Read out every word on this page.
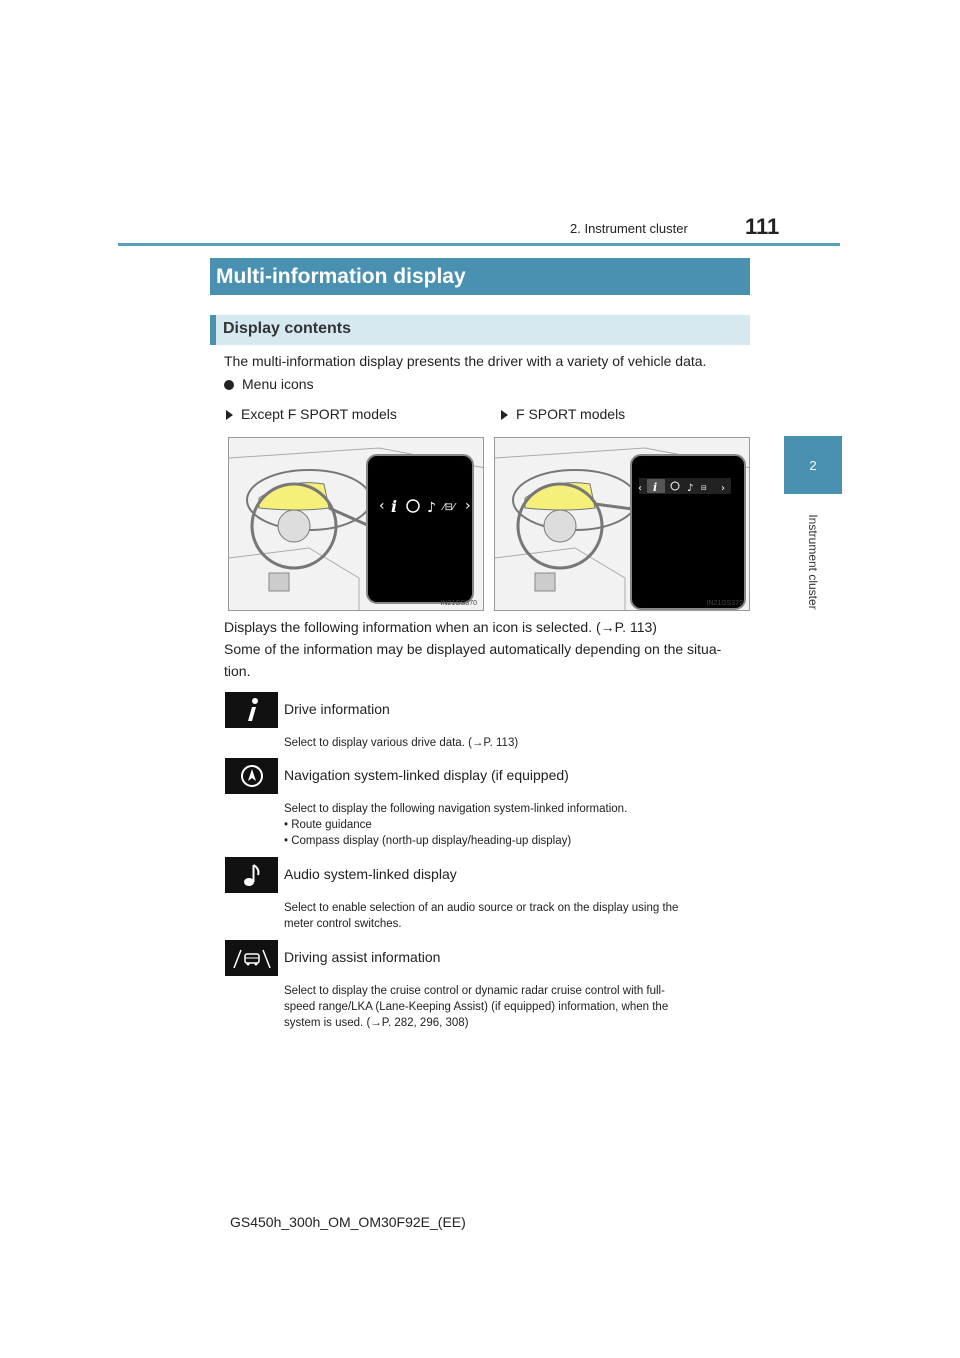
2. Instrument cluster	111
2
Instrument cluster
Multi-information display
Display contents
The multi-information display presents the driver with a variety of vehicle data.
Menu icons
Except F SPORT models	F SPORT models
‹ i ♪ ⁄⊟⁄ ›
IN21GS370
‹ i	♪ ⊟ ›
IN21GS372
Displays the following information when an icon is selected. (→P. 113)
Some of the information may be displayed automatically depending on the situa-
tion.
Drive information
Select to display various drive data. (→P. 113)
Navigation system-linked display (if equipped)
Select to display the following navigation system-linked information.
• Route guidance
• Compass display (north-up display/heading-up display)
Audio system-linked display
Select to enable selection of an audio source or track on the display using the
meter control switches.
Driving assist information
Select to display the cruise control or dynamic radar cruise control with full-
speed range/LKA (Lane-Keeping Assist) (if equipped) information, when the
system is used. (→P. 282, 296, 308)
GS450h_300h_OM_OM30F92E_(EE)
